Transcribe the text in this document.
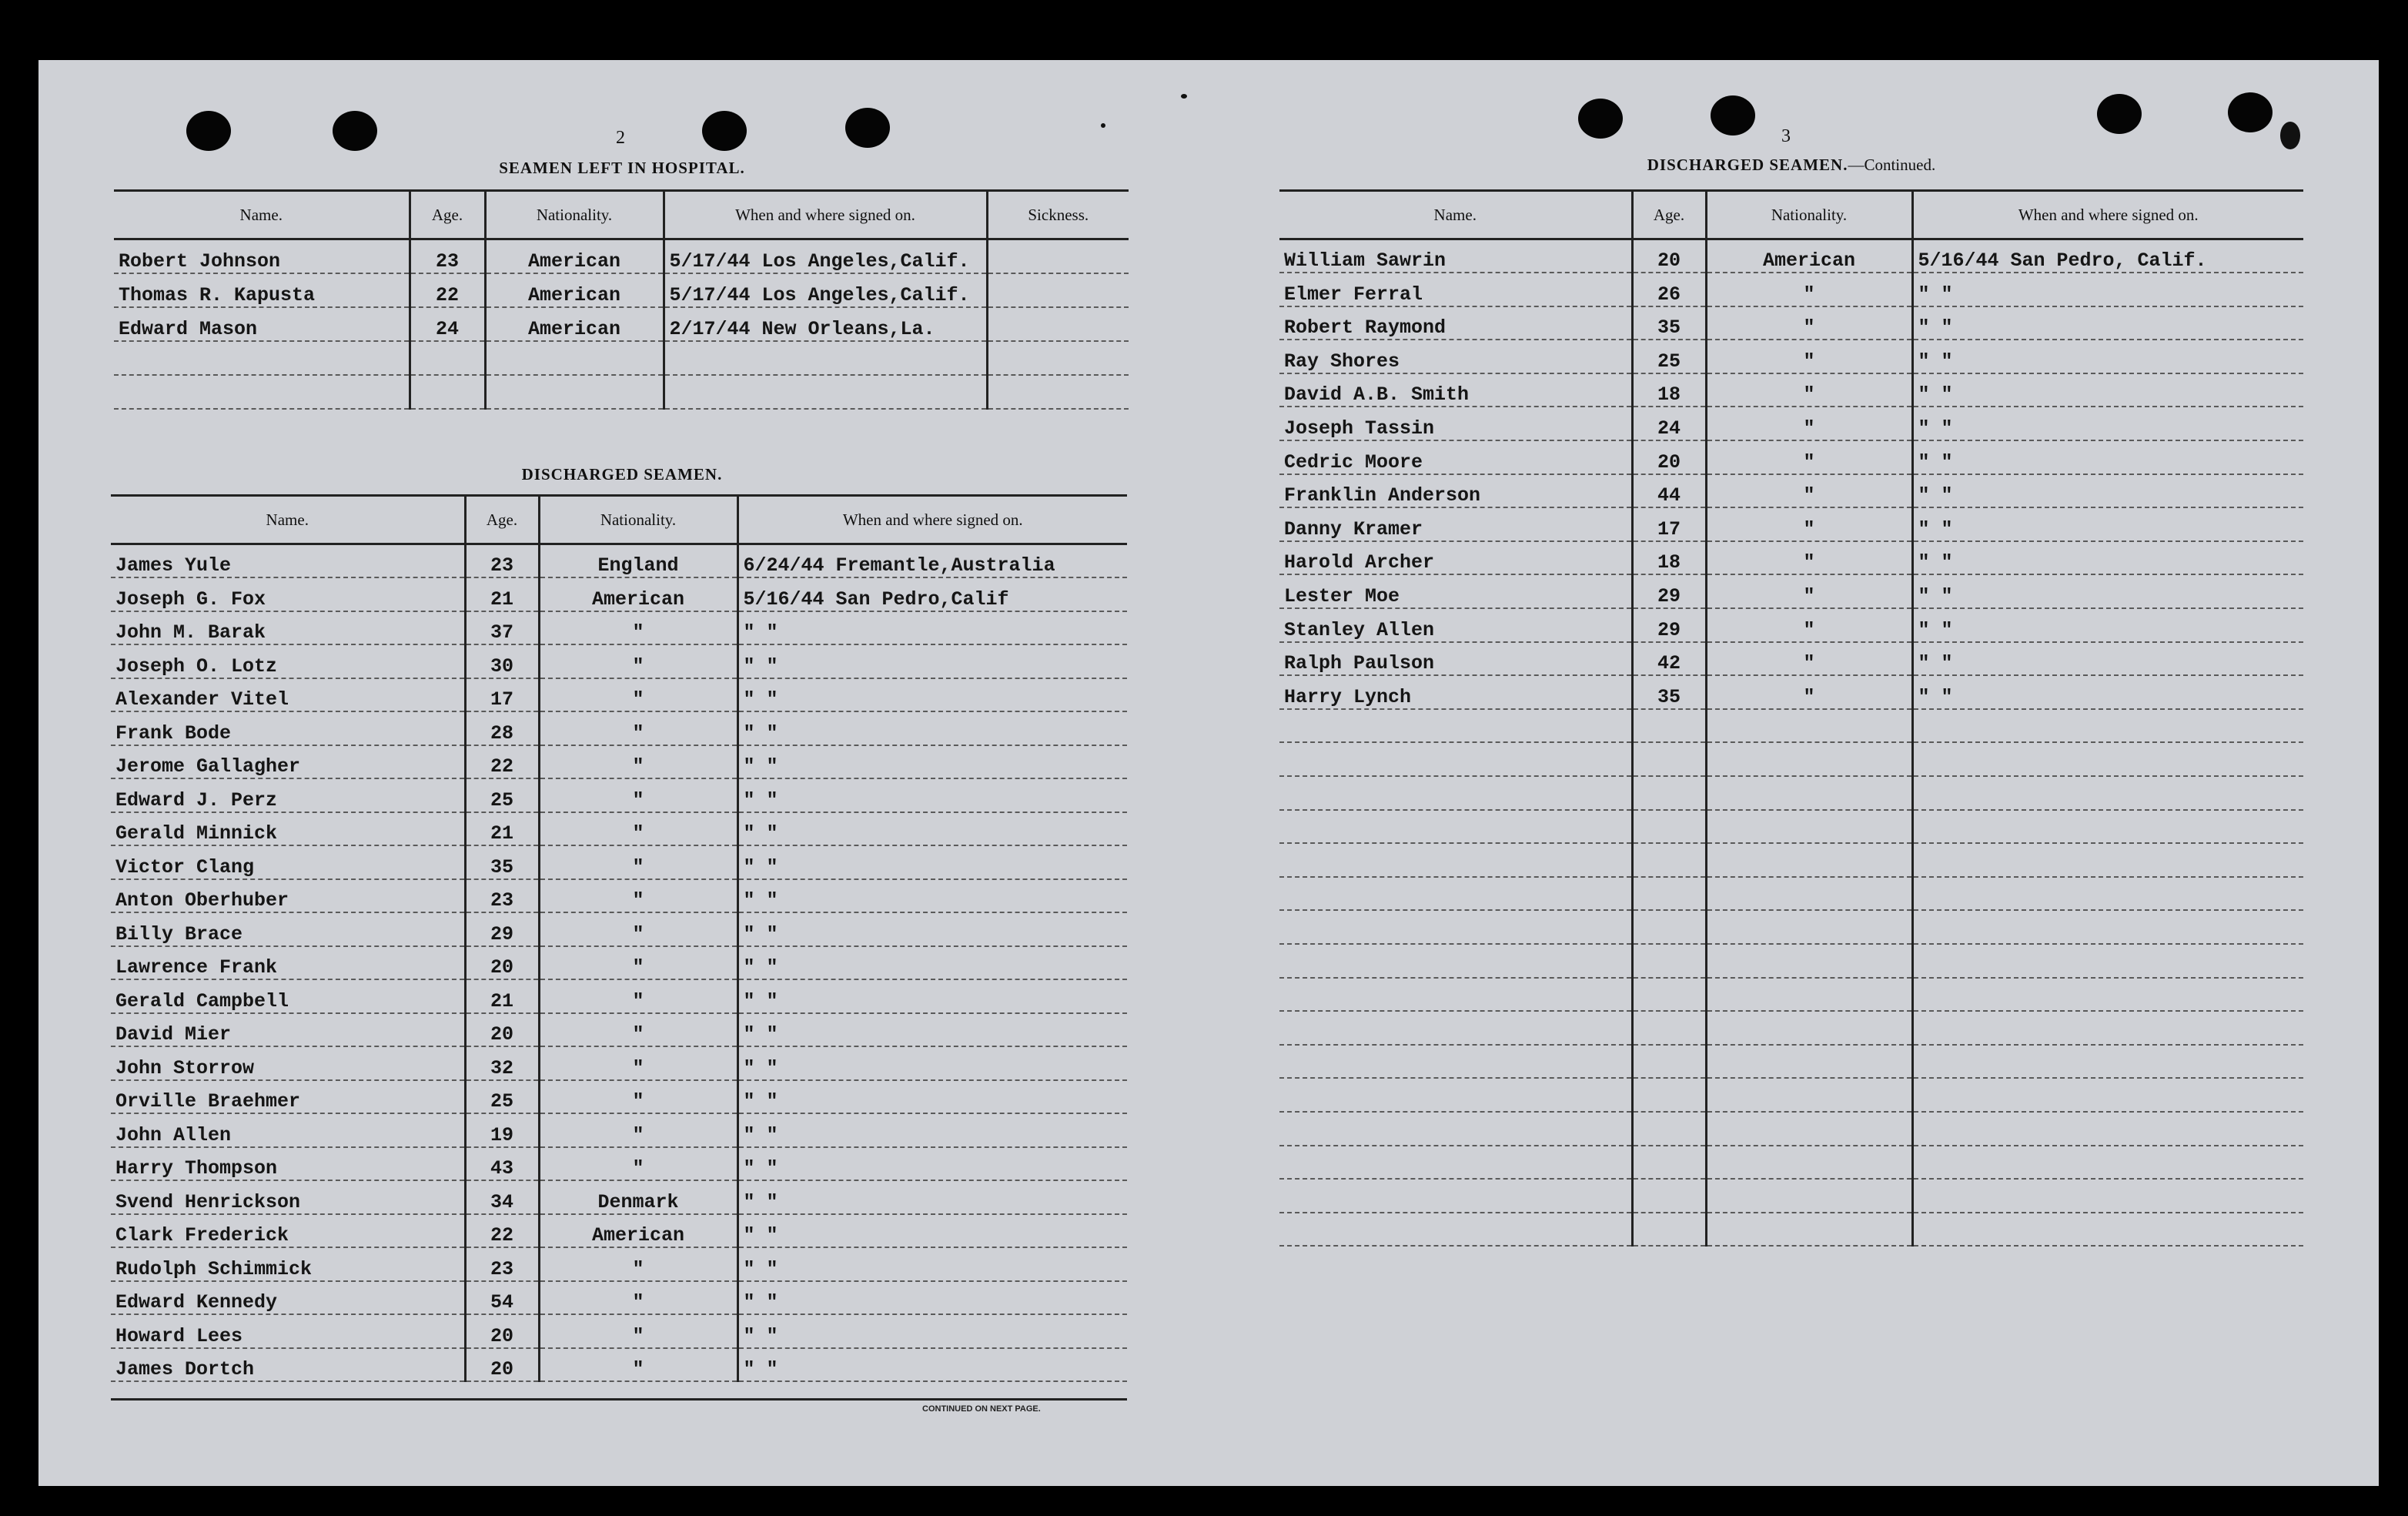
2
SEAMEN LEFT IN HOSPITAL.
Name.	Age.	Nationality.	When and where signed on.	Sickness.
Robert Johnson	23	American	5/17/44 Los Angeles,Calif.	
Thomas R. Kapusta	22	American	5/17/44 Los Angeles,Calif.	
Edward Mason	24	American	2/17/44 New Orleans,La.	

DISCHARGED SEAMEN.
Name.	Age.	Nationality.	When and where signed on.
James Yule	23	England	6/24/44 Fremantle,Australia
Joseph G. Fox	21	American	5/16/44 San Pedro,Calif
John M. Barak	37	"	" "
Joseph O. Lotz	30	"	" "
Alexander Vitel	17	"	" "
Frank Bode	28	"	" "
Jerome Gallagher	22	"	" "
Edward J. Perz	25	"	" "
Gerald Minnick	21	"	" "
Victor Clang	35	"	" "
Anton Oberhuber	23	"	" "
Billy Brace	29	"	" "
Lawrence Frank	20	"	" "
Gerald Campbell	21	"	" "
David Mier	20	"	" "
John Storrow	32	"	" "
Orville Braehmer	25	"	" "
John Allen	19	"	" "
Harry Thompson	43	"	" "
Svend Henrickson	34	Denmark	" "
Clark Frederick	22	American	" "
Rudolph Schimmick	23	"	" "
Edward Kennedy	54	"	" "
Howard Lees	20	"	" "
James Dortch	20	"	" "
CONTINUED ON NEXT PAGE.
3
DISCHARGED SEAMEN.—Continued.
Name.	Age.	Nationality.	When and where signed on.
William Sawrin	20	American	5/16/44 San Pedro, Calif.
Elmer Ferral	26	"	" "
Robert Raymond	35	"	" "
Ray Shores	25	"	" "
David A.B. Smith	18	"	" "
Joseph Tassin	24	"	" "
Cedric Moore	20	"	" "
Franklin Anderson	44	"	" "
Danny Kramer	17	"	" "
Harold Archer	18	"	" "
Lester Moe	29	"	" "
Stanley Allen	29	"	" "
Ralph Paulson	42	"	" "
Harry Lynch	35	"	" "
